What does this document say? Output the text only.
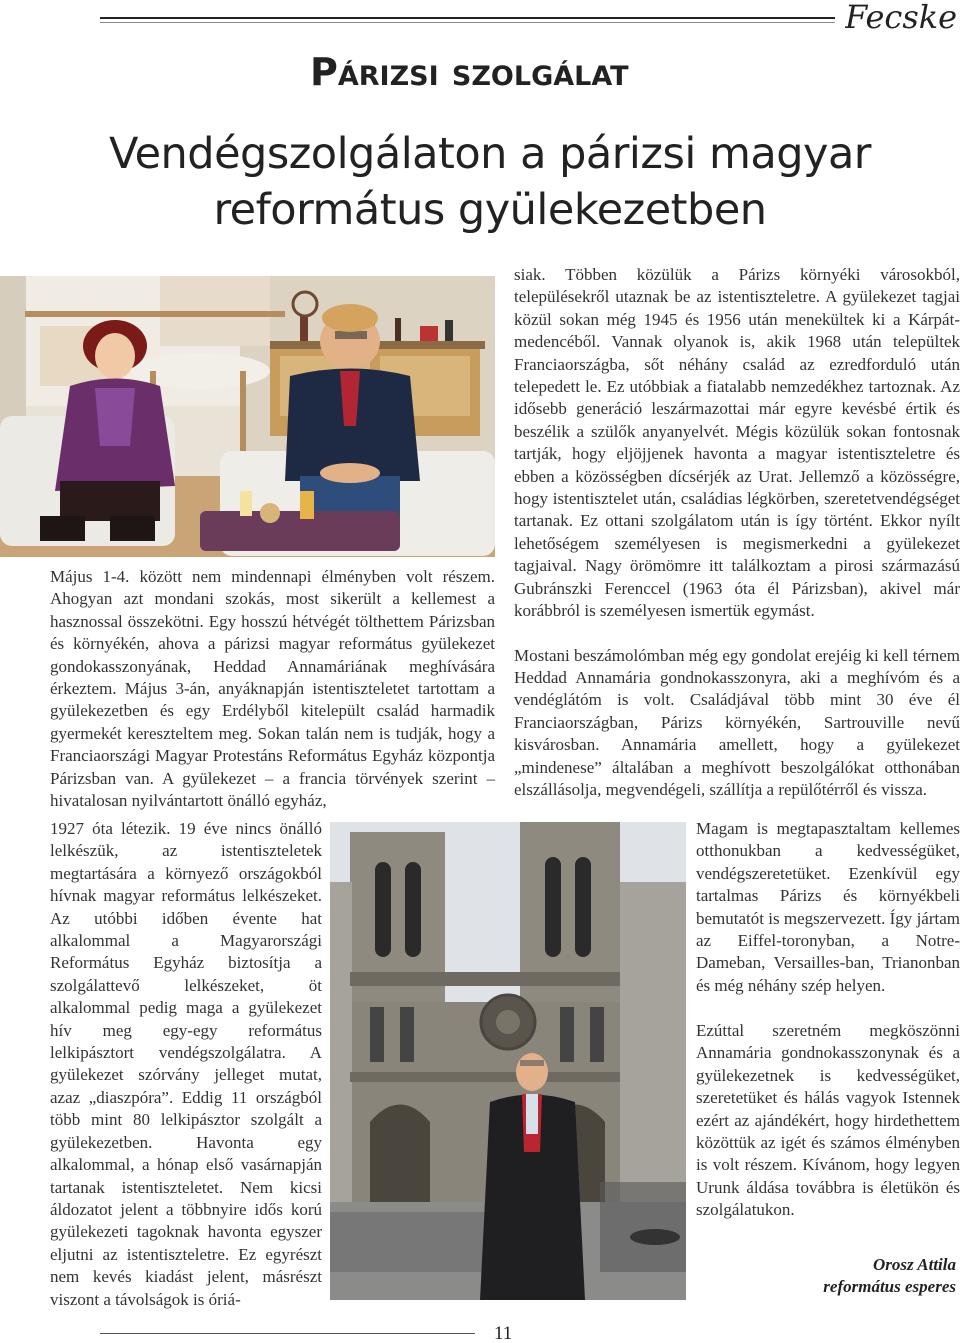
Fecske
Párizsi szolgálat
Vendégszolgálaton a párizsi magyar
református gyülekezetben

Május 1-4. között nem mindennapi élményben volt részem. Ahogyan azt mondani szokás, most sikerült a kellemest a hasznossal összekötni. Egy hosszú hétvégét tölthettem Párizsban és környékén, ahova a párizsi magyar református gyülekezet gondokasszonyának, Heddad Annamáriának meghívására érkeztem. Május 3-án, anyáknapján istentiszteletet tartottam a gyülekezetben és egy Erdélyből kitelepült család harmadik gyermekét kereszteltem meg. Sokan talán nem is tudják, hogy a Franciaországi Magyar Protestáns Református Egyház központja Párizsban van. A gyülekezet – a francia törvények szerint – hivatalosan nyilvántartott önálló egyház,

1927 óta létezik. 19 éve nincs önálló lelkészük, az istentiszteletek megtartására a környező országokból hívnak magyar református lelkészeket. Az utóbbi időben évente hat alkalommal a Magyarországi Református Egyház biztosítja a szolgálattevő lelkészeket, öt alkalommal pedig maga a gyülekezet hív meg egy-egy református lelkipásztort vendégszolgálatra. A gyülekezet szórvány jelleget mutat, azaz „diaszpóra”. Eddig 11 országból több mint 80 lelkipásztor szolgált a gyülekezetben. Havonta egy alkalommal, a hónap első vasárnapján tartanak istentiszteletet. Nem kicsi áldozatot jelent a többnyire idős korú gyülekezeti tagoknak havonta egyszer eljutni az istentiszteletre. Ez egyrészt nem kevés kiadást jelent, másrészt viszont a távolságok is óriá-

siak. Többen közülük a Párizs környéki városokból, településekről utaznak be az istentiszteletre. A gyülekezet tagjai közül sokan még 1945 és 1956 után menekültek ki a Kárpát-medencéből. Vannak olyanok is, akik 1968 után települtek Franciaországba, sőt néhány család az ezredforduló után telepedett le. Ez utóbbiak a fiatalabb nemzedékhez tartoznak. Az idősebb generáció leszármazottai már egyre kevésbé értik és beszélik a szülők anyanyelvét. Mégis közülük sokan fontosnak tartják, hogy eljöjjenek havonta a magyar istentiszteletre és ebben a közösségben dícsérjék az Urat. Jellemző a közösségre, hogy istentisztelet után, családias légkörben, szeretetvendégséget tartanak. Ez ottani szolgálatom után is így történt. Ekkor nyílt lehetőségem személyesen is megismerkedni a gyülekezet tagjaival. Nagy örömömre itt találkoztam a pirosi származású Gubránszki Ferenccel (1963 óta él Párizsban), akivel már korábbról is személyesen ismertük egymást.

Mostani beszámolómban még egy gondolat erejéig ki kell térnem Heddad Annamária gondnokasszonyra, aki a meghívóm és a vendéglátóm is volt. Családjával több mint 30 éve él Franciaországban, Párizs környékén, Sartrouville nevű kisvárosban. Annamária amellett, hogy a gyülekezet „mindenese” általában a meghívott beszolgálókat otthonában elszállásolja, megvendégeli, szállítja a repülőtérről és vissza.

Magam is megtapasztaltam kellemes otthonukban a kedvességüket, vendégszeretetüket. Ezenkívül egy tartalmas Párizs és környékbeli bemutatót is megszervezett. Így jártam az Eiffel-toronyban, a Notre-Dameban, Versailles-ban, Trianonban és még néhány szép helyen.

Ezúttal szeretném megköszönni Annamária gondnokasszonynak és a gyülekezetnek is kedvességüket, szeretetüket és hálás vagyok Istennek ezért az ajándékért, hogy hirdethettem közöttük az igét és számos élményben is volt részem. Kívánom, hogy legyen Urunk áldása továbbra is életükön és szolgálatukon.

Orosz Attila
református esperes
11
